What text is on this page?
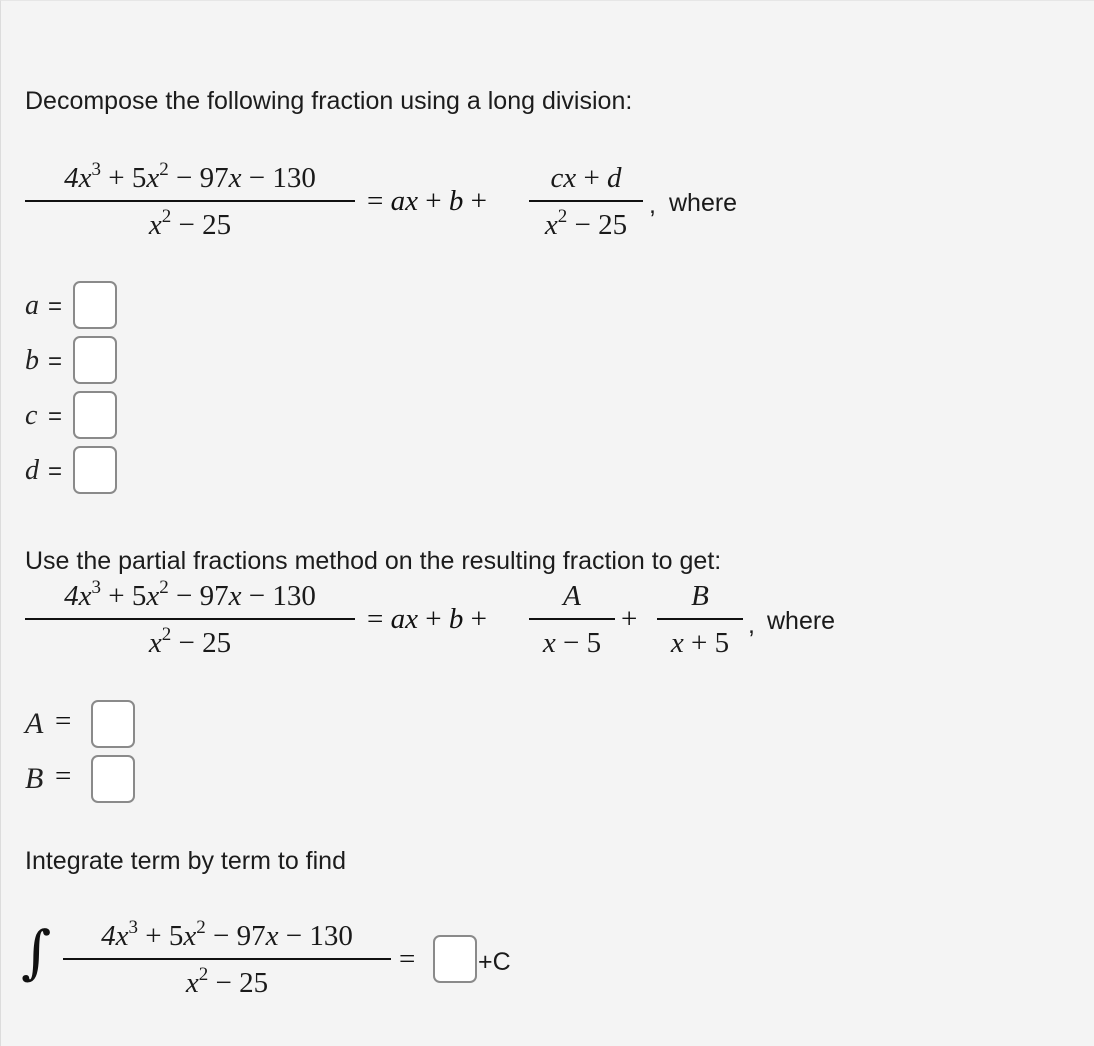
Decompose the following fraction using a long division:
$4x^3 + 5x^2 - 97x - 130$
$x^2 - 25$
= ax + b +
cx + d
$x^2 - 25$
, where
a =
b =
c =
d =
Use the partial fractions method on the resulting fraction to get:
$4x^3 + 5x^2 - 97x - 130$
$x^2 - 25$
= ax + b +
A
x − 5
+
B
x + 5
, where
A =
B =
Integrate term by term to find
∫ $4x^3 + 5x^2 - 97x - 130$
$x^2 - 25$
=	+C
